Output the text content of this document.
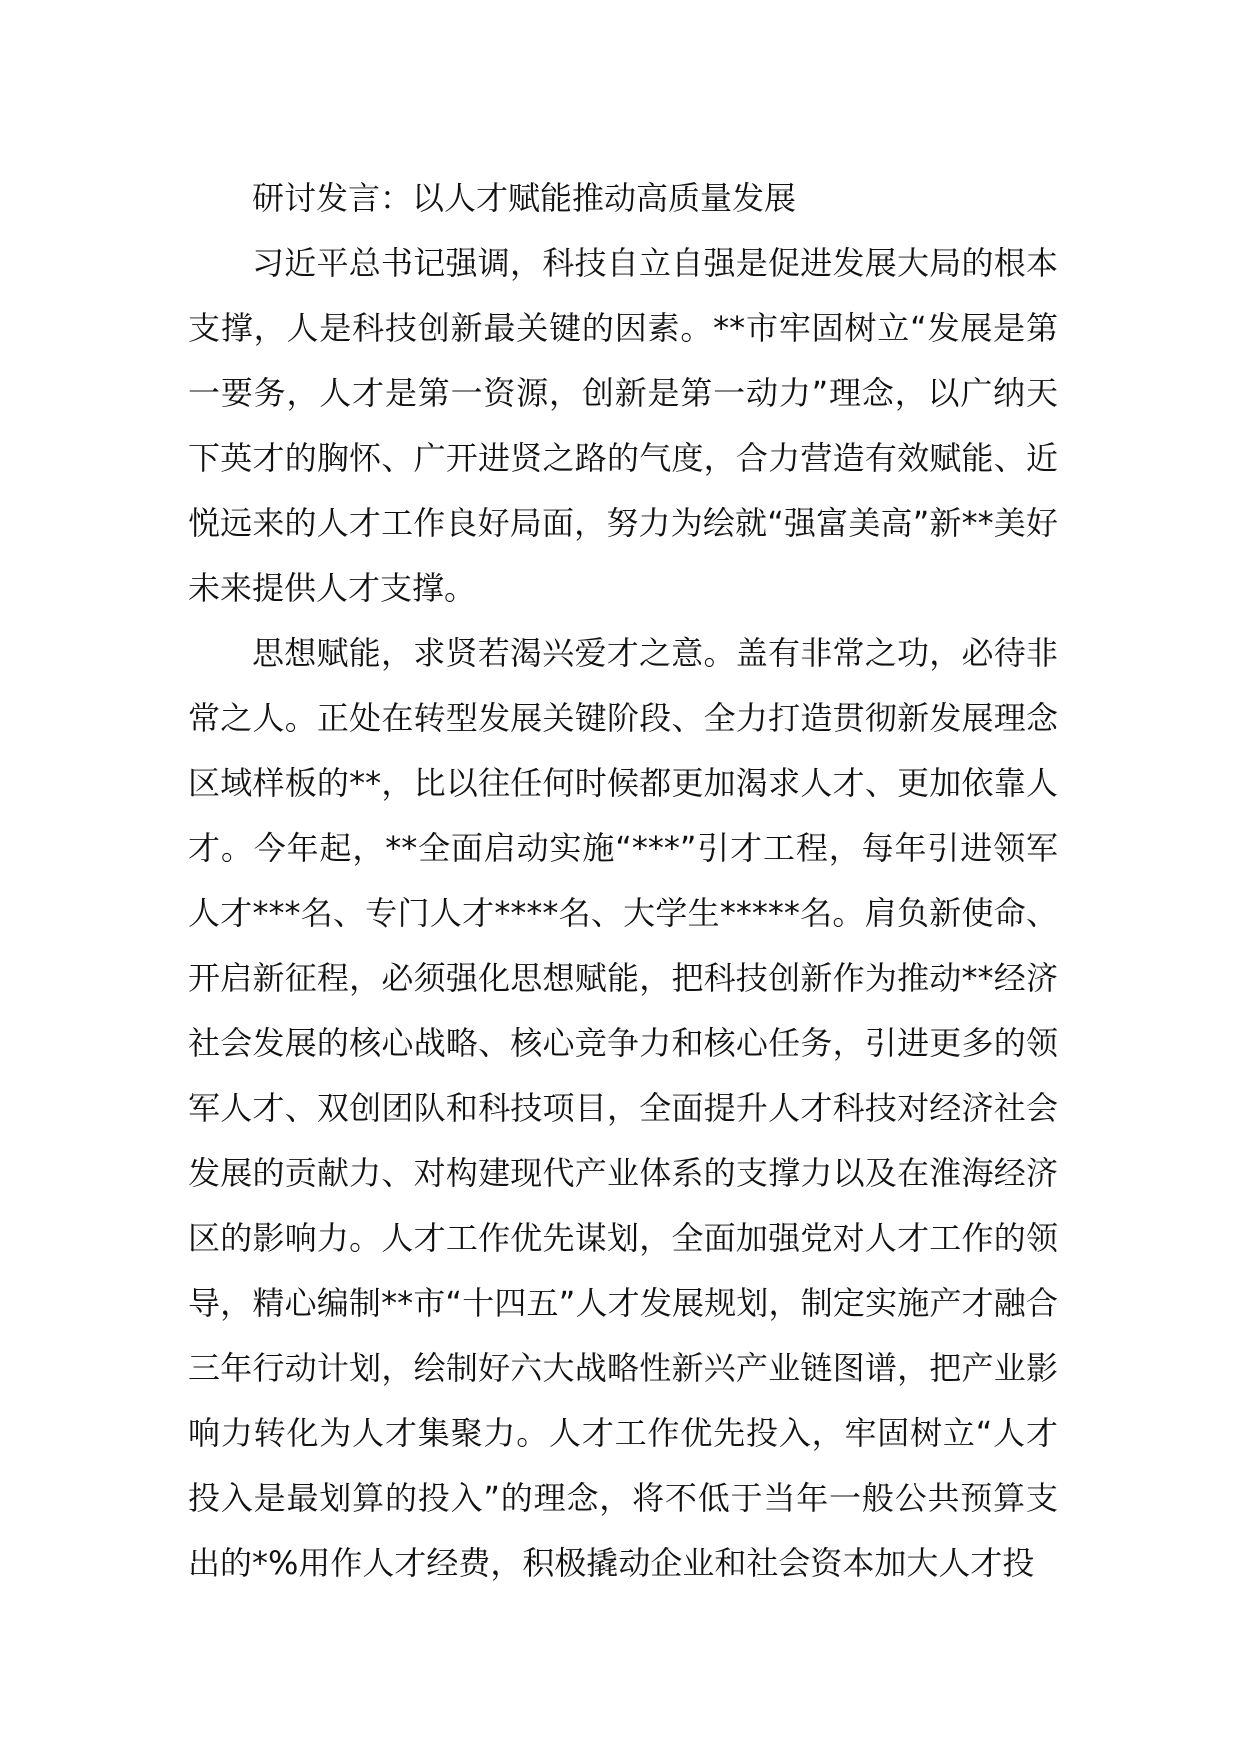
研讨发言：以人才赋能推动高质量发展

习近平总书记强调，科技自立自强是促进发展大局的根本支撑，人是科技创新最关键的因素。**市牢固树立“发展是第一要务，人才是第一资源，创新是第一动力”理念，以广纳天下英才的胸怀、广开进贤之路的气度，合力营造有效赋能、近悦远来的人才工作良好局面，努力为绘就“强富美高”新**美好未来提供人才支撑。

思想赋能，求贤若渴兴爱才之意。盖有非常之功，必待非常之人。正处在转型发展关键阶段、全力打造贯彻新发展理念区域样板的**，比以往任何时候都更加渴求人才、更加依靠人才。今年起，**全面启动实施“***”引才工程，每年引进领军人才***名、专门人才****名、大学生*****名。肩负新使命、开启新征程，必须强化思想赋能，把科技创新作为推动**经济社会发展的核心战略、核心竞争力和核心任务，引进更多的领军人才、双创团队和科技项目，全面提升人才科技对经济社会发展的贡献力、对构建现代产业体系的支撑力以及在淮海经济区的影响力。人才工作优先谋划，全面加强党对人才工作的领导，精心编制**市“十四五”人才发展规划，制定实施产才融合三年行动计划，绘制好六大战略性新兴产业链图谱，把产业影响力转化为人才集聚力。人才工作优先投入，牢固树立“人才投入是最划算的投入”的理念，将不低于当年一般公共预算支出的*%用作人才经费，积极撬动企业和社会资本加大人才投
